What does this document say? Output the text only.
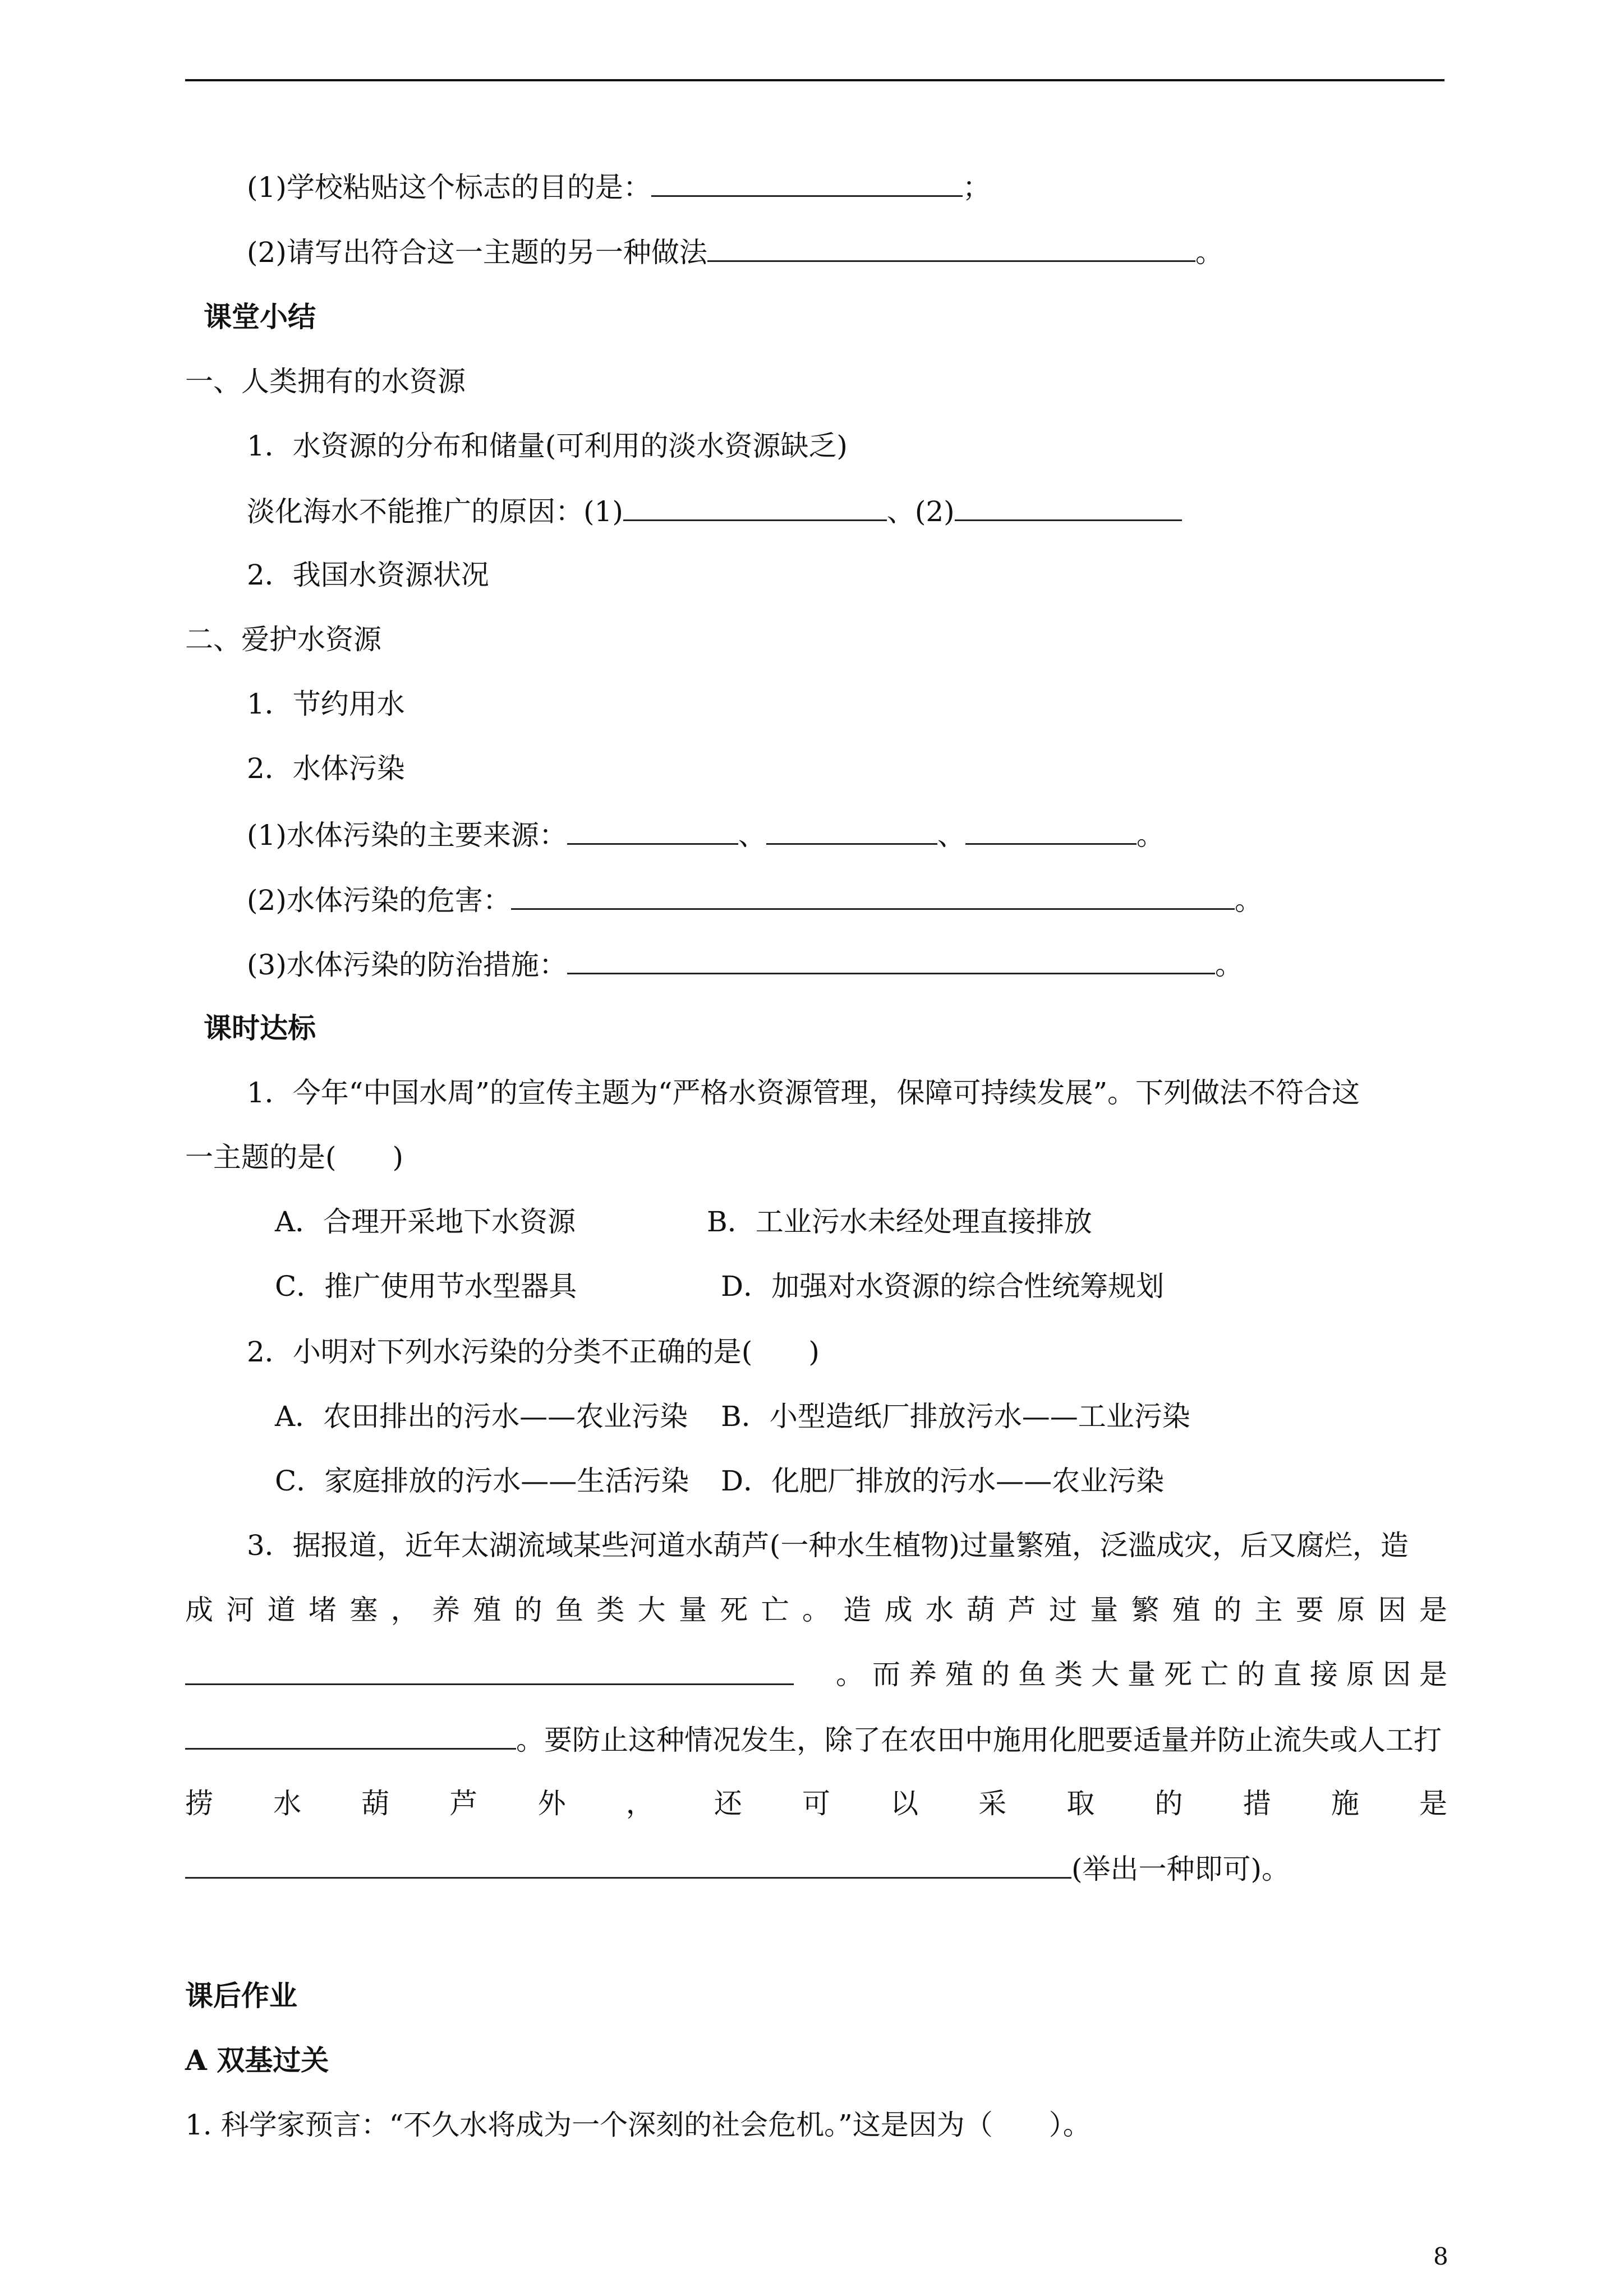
(1)学校粘贴这个标志的目的是：	；
(2)请写出符合这一主题的另一种做法	。
课堂小结
一、人类拥有的水资源
1．水资源的分布和储量(可利用的淡水资源缺乏)
淡化海水不能推广的原因：(1)	、(2)
2．我国水资源状况
二、爱护水资源
1．节约用水
2．水体污染
(1)水体污染的主要来源：	、	、	。
(2)水体污染的危害：	。
(3)水体污染的防治措施：	。
课时达标
1．今年“中国水周”的宣传主题为“严格水资源管理，保障可持续发展”。下列做法不符合这
一主题的是(　　)
A．合理开采地下水资源	B．工业污水未经处理直接排放
C．推广使用节水型器具	D．加强对水资源的综合性统筹规划
2．小明对下列水污染的分类不正确的是(　　)
A．农田排出的污水——农业污染 B．小型造纸厂排放污水——工业污染
C．家庭排放的污水——生活污染 D．化肥厂排放的污水——农业污染
3．据报道，近年太湖流域某些河道水葫芦(一种水生植物)过量繁殖，泛滥成灾，后又腐烂，造
成 河 道 堵 塞 ， 养 殖 的 鱼 类 大 量 死 亡 。 造 成 水 葫 芦 过 量 繁 殖 的 主 要 原 因 是
。 而 养 殖 的 鱼 类 大 量 死 亡 的 直 接 原 因 是
。要防止这种情况发生，除了在农田中施用化肥要适量并防止流失或人工打
捞 水 葫 芦 外 ， 还 可 以 采 取 的 措 施 是
(举出一种即可)。
课后作业
A 双基过关
1. 科学家预言：“不久水将成为一个深刻的社会危机。”这是因为（　　）。
8
